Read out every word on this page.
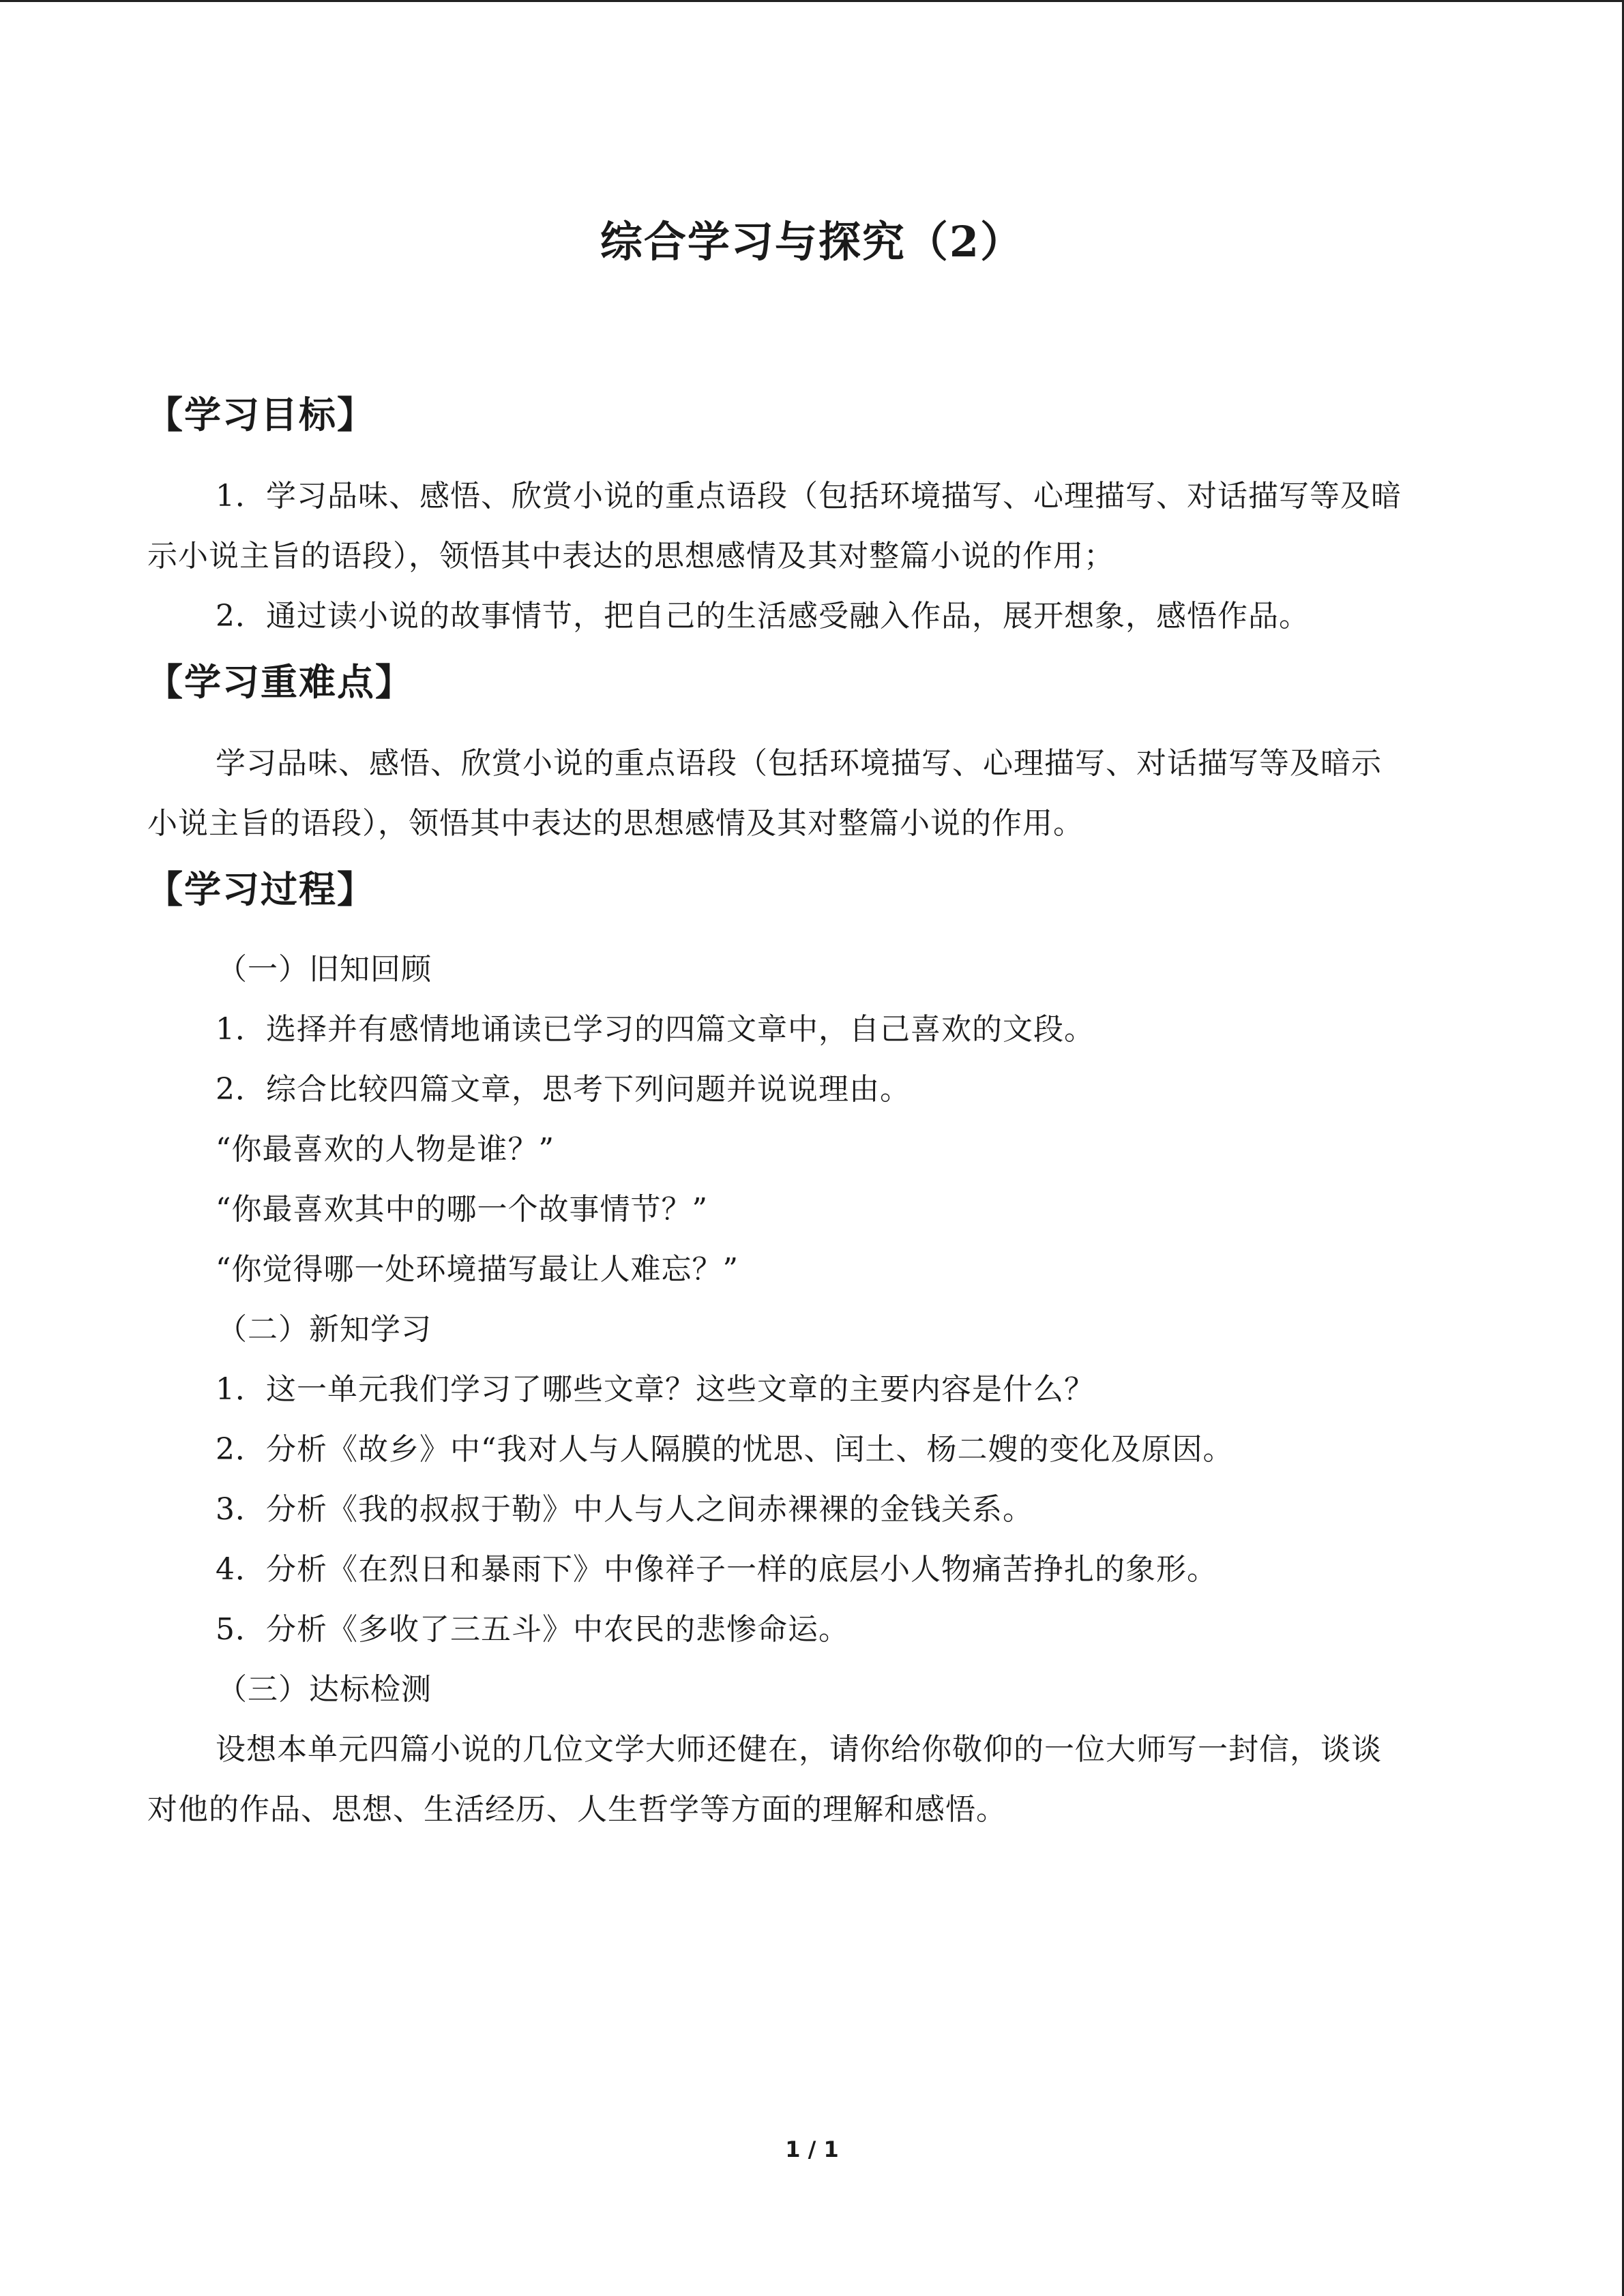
综合学习与探究（2）
【学习目标】
1．学习品味、感悟、欣赏小说的重点语段（包括环境描写、心理描写、对话描写等及暗
示小说主旨的语段），领悟其中表达的思想感情及其对整篇小说的作用；
2．通过读小说的故事情节，把自己的生活感受融入作品，展开想象，感悟作品。
【学习重难点】
学习品味、感悟、欣赏小说的重点语段（包括环境描写、心理描写、对话描写等及暗示
小说主旨的语段），领悟其中表达的思想感情及其对整篇小说的作用。
【学习过程】
（一）旧知回顾
1．选择并有感情地诵读已学习的四篇文章中，自己喜欢的文段。
2．综合比较四篇文章，思考下列问题并说说理由。
“你最喜欢的人物是谁？”
“你最喜欢其中的哪一个故事情节？”
“你觉得哪一处环境描写最让人难忘？”
（二）新知学习
1．这一单元我们学习了哪些文章？这些文章的主要内容是什么？
2．分析《故乡》中“我对人与人隔膜的忧思、闰土、杨二嫂的变化及原因。
3．分析《我的叔叔于勒》中人与人之间赤裸裸的金钱关系。
4．分析《在烈日和暴雨下》中像祥子一样的底层小人物痛苦挣扎的象形。
5．分析《多收了三五斗》中农民的悲惨命运。
（三）达标检测
设想本单元四篇小说的几位文学大师还健在，请你给你敬仰的一位大师写一封信，谈谈
对他的作品、思想、生活经历、人生哲学等方面的理解和感悟。
1 / 1
